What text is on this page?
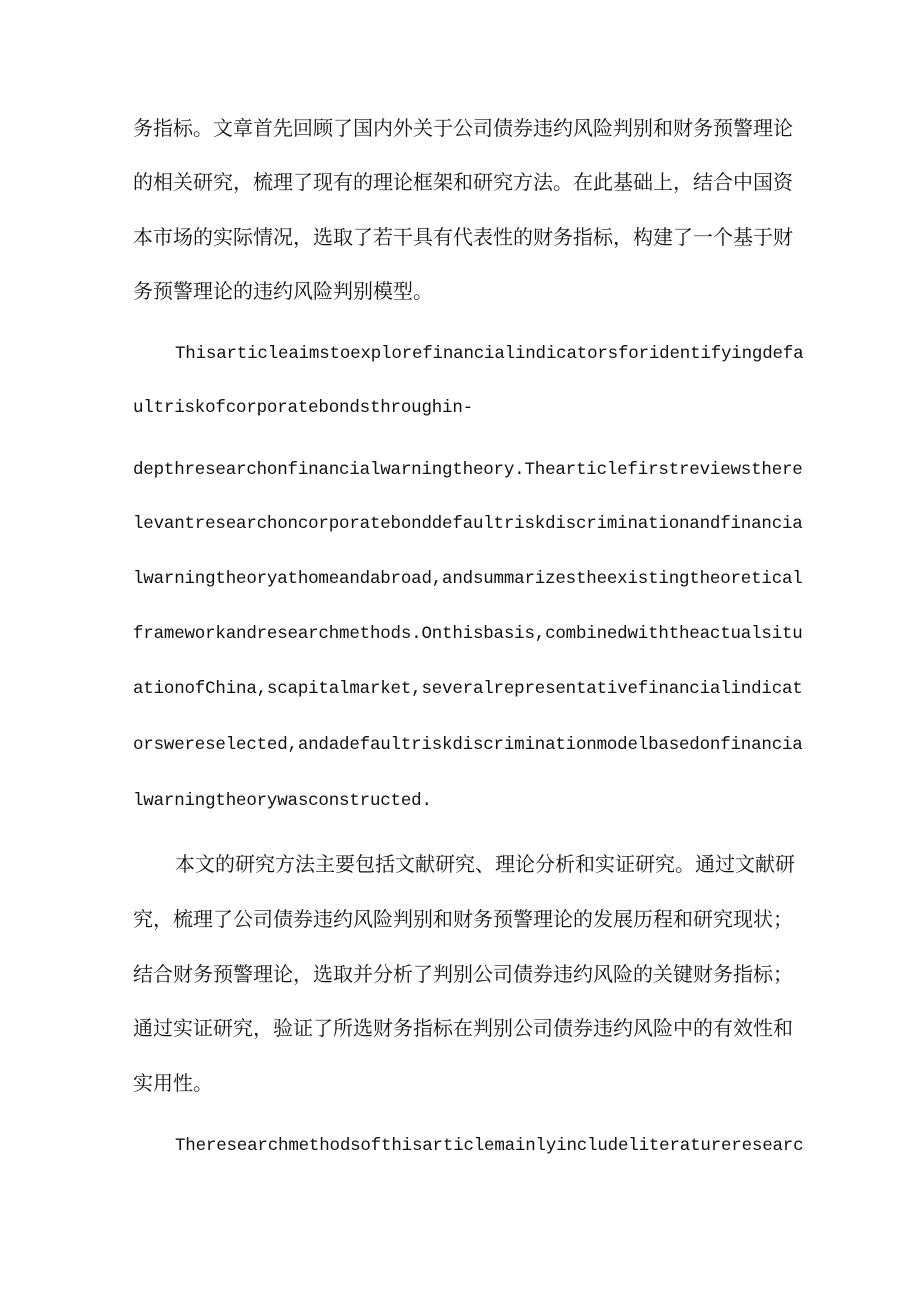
务指标。文章首先回顾了国内外关于公司债券违约风险判别和财务预警理论
的相关研究，梳理了现有的理论框架和研究方法。在此基础上，结合中国资
本市场的实际情况，选取了若干具有代表性的财务指标，构建了一个基于财
务预警理论的违约风险判别模型。
Thisarticleaimstoexplorefinancialindicatorsforidentifyingdefa
ultriskofcorporatebondsthroughin-
depthresearchonfinancialwarningtheory.Thearticlefirstreviewsthere
levantresearchoncorporatebonddefaultriskdiscriminationandfinancia
lwarningtheoryathomeandabroad,andsummarizestheexistingtheoretical
frameworkandresearchmethods.Onthisbasis,combinedwiththeactualsitu
ationofChina,scapitalmarket,severalrepresentativefinancialindicat
orswereselected,andadefaultriskdiscriminationmodelbasedonfinancia
lwarningtheorywasconstructed.
本文的研究方法主要包括文献研究、理论分析和实证研究。通过文献研
究，梳理了公司债券违约风险判别和财务预警理论的发展历程和研究现状；
结合财务预警理论，选取并分析了判别公司债券违约风险的关键财务指标；
通过实证研究，验证了所选财务指标在判别公司债券违约风险中的有效性和
实用性。
Theresearchmethodsofthisarticlemainlyincludeliteratureresearc
